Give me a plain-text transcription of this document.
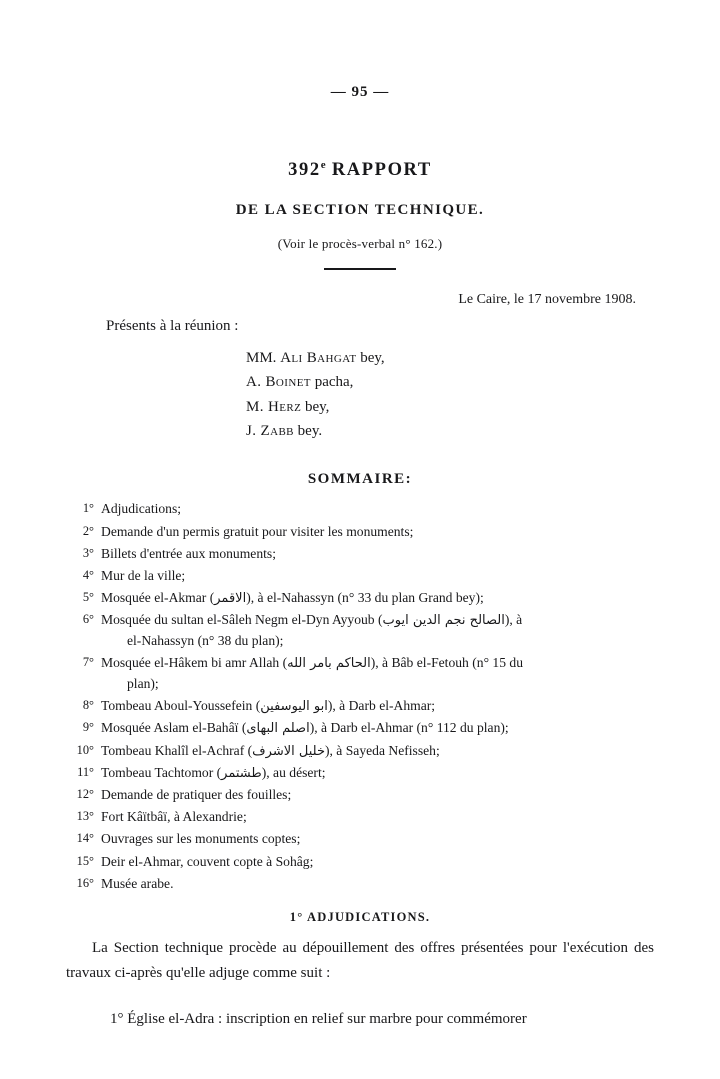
— 95 —
392e RAPPORT
DE LA SECTION TECHNIQUE.
(Voir le procès-verbal n° 162.)
Le Caire, le 17 novembre 1908.
Présents à la réunion :
MM. Ali Bahgat bey,
A. Boinet pacha,
M. Herz bey,
J. Zabb bey.
SOMMAIRE:
1° Adjudications;
2° Demande d'un permis gratuit pour visiter les monuments;
3° Billets d'entrée aux monuments;
4° Mur de la ville;
5° Mosquée el-Akmar (الاقمر), à el-Nahassyn (n° 33 du plan Grand bey);
6° Mosquée du sultan el-Sâleh Negm el-Dyn Ayyoub (الصالح نجم الدين ايوب), à
el-Nahassyn (n° 38 du plan);
7° Mosquée el-Hâkem bi amr Allah (الحاكم بامر الله), à Bâb el-Fetouh (n° 15 du
plan);
8° Tombeau Aboul-Youssefein (ابو اليوسفين), à Darb el-Ahmar;
9° Mosquée Aslam el-Bahâï (اصلم البهاى), à Darb el-Ahmar (n° 112 du plan);
10° Tombeau Khalîl el-Achraf (خليل الاشرف), à Sayeda Nefisseh;
11° Tombeau Tachtomor (طشتمر), au désert;
12° Demande de pratiquer des fouilles;
13° Fort Kâïtbâï, à Alexandrie;
14° Ouvrages sur les monuments coptes;
15° Deir el-Ahmar, couvent copte à Sohâg;
16° Musée arabe.
1° ADJUDICATIONS.
La Section technique procède au dépouillement des offres présentées pour l'exécution des travaux ci-après qu'elle adjuge comme suit :
1° Église el-Adra : inscription en relief sur marbre pour commémorer
